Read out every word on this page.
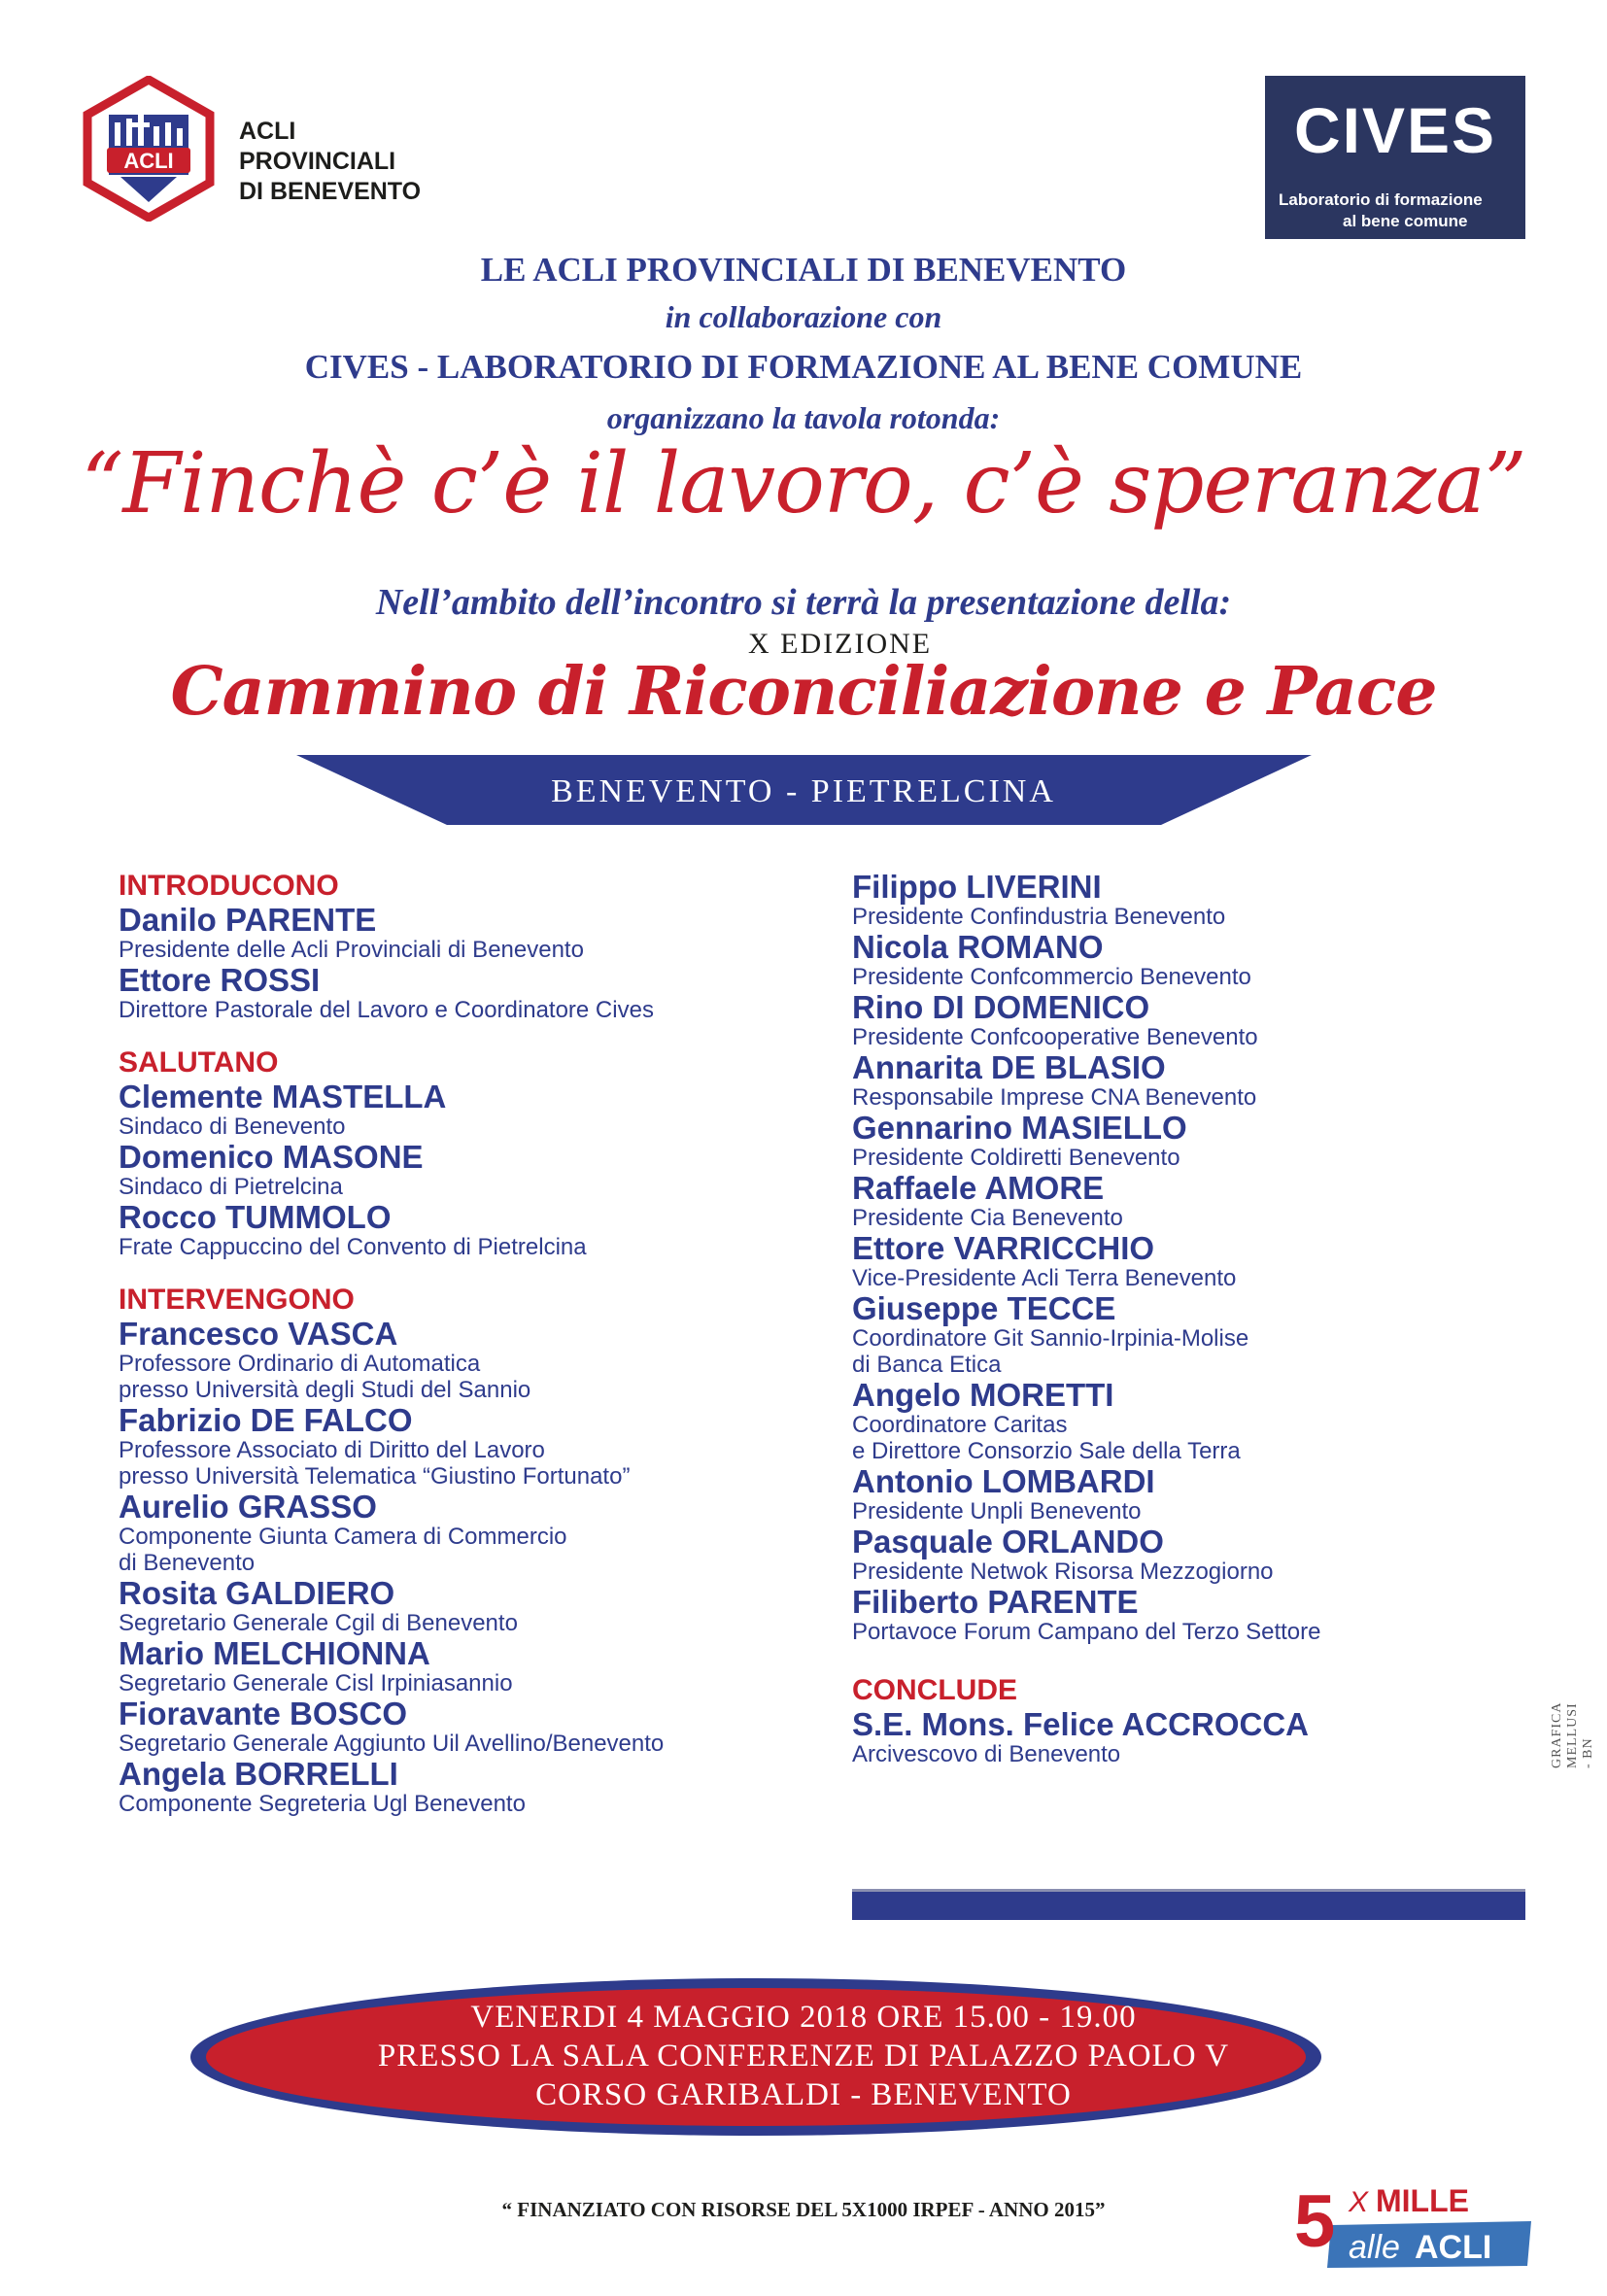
ACLI
ACLI
PROVINCIALI
DI BENEVENTO
CIVES
Laboratorio di formazione
al bene comune
LE ACLI PROVINCIALI DI BENEVENTO
in collaborazione con
CIVES - LABORATORIO DI FORMAZIONE AL BENE COMUNE
organizzano la tavola rotonda:
“Finchè c’è il lavoro, c’è speranza”
Nell’ambito dell’incontro si terrà la presentazione della:
X EDIZIONE
Cammino di Riconciliazione e Pace
BENEVENTO - PIETRELCINA
INTRODUCONO
Danilo PARENTE
Presidente delle Acli Provinciali di Benevento
Ettore ROSSI
Direttore Pastorale del Lavoro e Coordinatore Cives
SALUTANO
Clemente MASTELLA
Sindaco di Benevento
Domenico MASONE
Sindaco di Pietrelcina
Rocco TUMMOLO
Frate Cappuccino del Convento di Pietrelcina
INTERVENGONO
Francesco VASCA
Professore Ordinario di Automatica
presso Università degli Studi del Sannio
Fabrizio DE FALCO
Professore Associato di Diritto del Lavoro
presso Università Telematica “Giustino Fortunato”
Aurelio GRASSO
Componente Giunta Camera di Commercio
di Benevento
Rosita GALDIERO
Segretario Generale Cgil di Benevento
Mario MELCHIONNA
Segretario Generale Cisl Irpiniasannio
Fioravante BOSCO
Segretario Generale Aggiunto Uil Avellino/Benevento
Angela BORRELLI
Componente Segreteria Ugl Benevento
Filippo LIVERINI
Presidente Confindustria Benevento
Nicola ROMANO
Presidente Confcommercio Benevento
Rino DI DOMENICO
Presidente Confcooperative Benevento
Annarita DE BLASIO
Responsabile Imprese CNA Benevento
Gennarino MASIELLO
Presidente Coldiretti Benevento
Raffaele AMORE
Presidente Cia Benevento
Ettore VARRICCHIO
Vice-Presidente Acli Terra Benevento
Giuseppe TECCE
Coordinatore Git Sannio-Irpinia-Molise
di Banca Etica
Angelo MORETTI
Coordinatore Caritas
e Direttore Consorzio Sale della Terra
Antonio LOMBARDI
Presidente Unpli Benevento
Pasquale ORLANDO
Presidente Netwok Risorsa Mezzogiorno
Filiberto PARENTE
Portavoce Forum Campano del Terzo Settore
CONCLUDE
S.E. Mons. Felice ACCROCCA
Arcivescovo di Benevento	GRAFICA MELLUSI - BN
VENERDI 4 MAGGIO 2018 ORE 15.00 - 19.00
PRESSO LA SALA CONFERENZE DI PALAZZO PAOLO V
CORSO GARIBALDI - BENEVENTO
5 X MILLE
alle ACLI
“ FINANZIATO CON RISORSE DEL 5X1000 IRPEF - ANNO 2015”
